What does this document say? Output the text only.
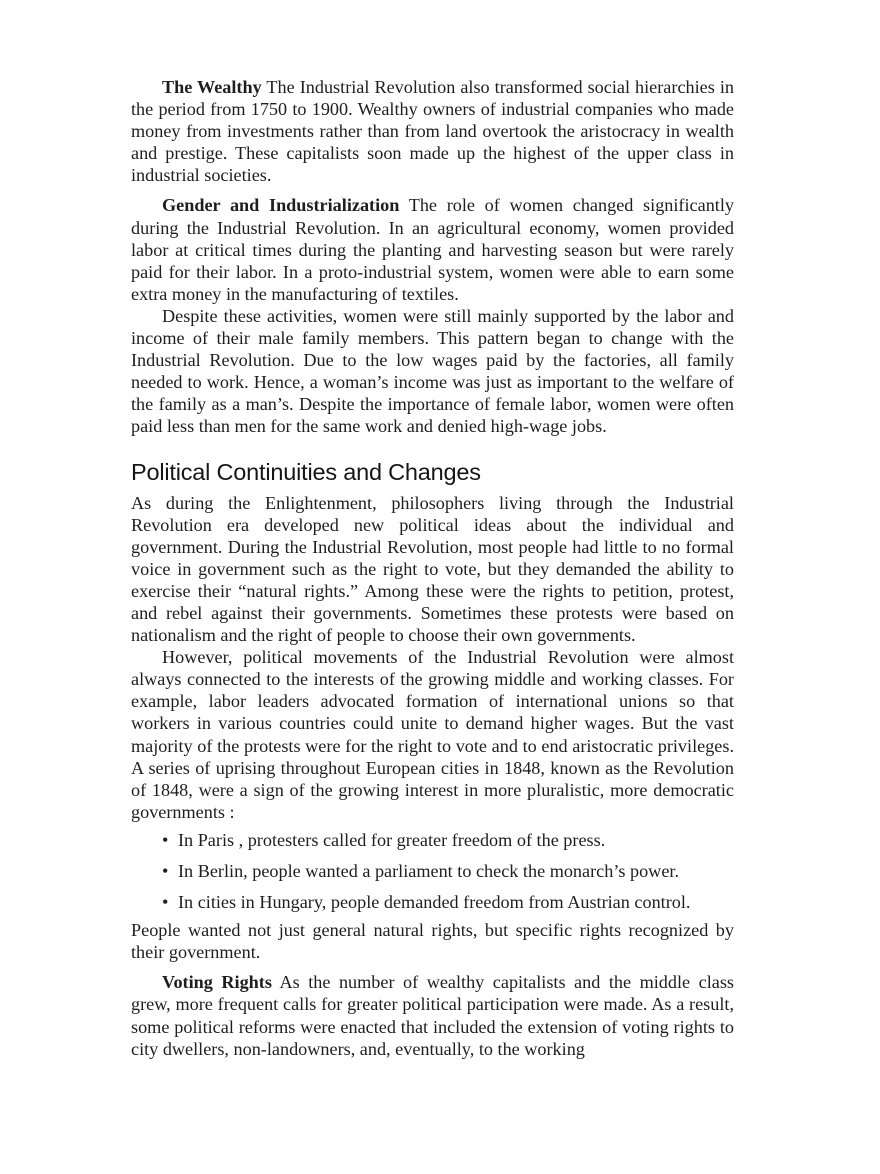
The Wealthy The Industrial Revolution also transformed social hierarchies in the period from 1750 to 1900. Wealthy owners of industrial companies who made money from investments rather than from land overtook the aristocracy in wealth and prestige. These capitalists soon made up the highest of the upper class in industrial societies.

Gender and Industrialization The role of women changed significantly during the Industrial Revolution. In an agricultural economy, women provided labor at critical times during the planting and harvesting season but were rarely paid for their labor. In a proto-industrial system, women were able to earn some extra money in the manufacturing of textiles.

Despite these activities, women were still mainly supported by the labor and income of their male family members. This pattern began to change with the Industrial Revolution. Due to the low wages paid by the factories, all family needed to work. Hence, a woman’s income was just as important to the welfare of the family as a man’s. Despite the importance of female labor, women were often paid less than men for the same work and denied high-wage jobs.

Political Continuities and Changes

As during the Enlightenment, philosophers living through the Industrial Revolution era developed new political ideas about the individual and government. During the Industrial Revolution, most people had little to no formal voice in government such as the right to vote, but they demanded the ability to exercise their “natural rights.” Among these were the rights to petition, protest, and rebel against their governments. Sometimes these protests were based on nationalism and the right of people to choose their own governments.

However, political movements of the Industrial Revolution were almost always connected to the interests of the growing middle and working classes. For example, labor leaders advocated formation of international unions so that workers in various countries could unite to demand higher wages. But the vast majority of the protests were for the right to vote and to end aristocratic privileges. A series of uprising throughout European cities in 1848, known as the Revolution of 1848, were a sign of the growing interest in more pluralistic, more democratic governments :

• In Paris , protesters called for greater freedom of the press.
• In Berlin, people wanted a parliament to check the monarch’s power.
• In cities in Hungary, people demanded freedom from Austrian control.

People wanted not just general natural rights, but specific rights recognized by their government.

Voting Rights As the number of wealthy capitalists and the middle class grew, more frequent calls for greater political participation were made. As a result, some political reforms were enacted that included the extension of voting rights to city dwellers, non-landowners, and, eventually, to the working
